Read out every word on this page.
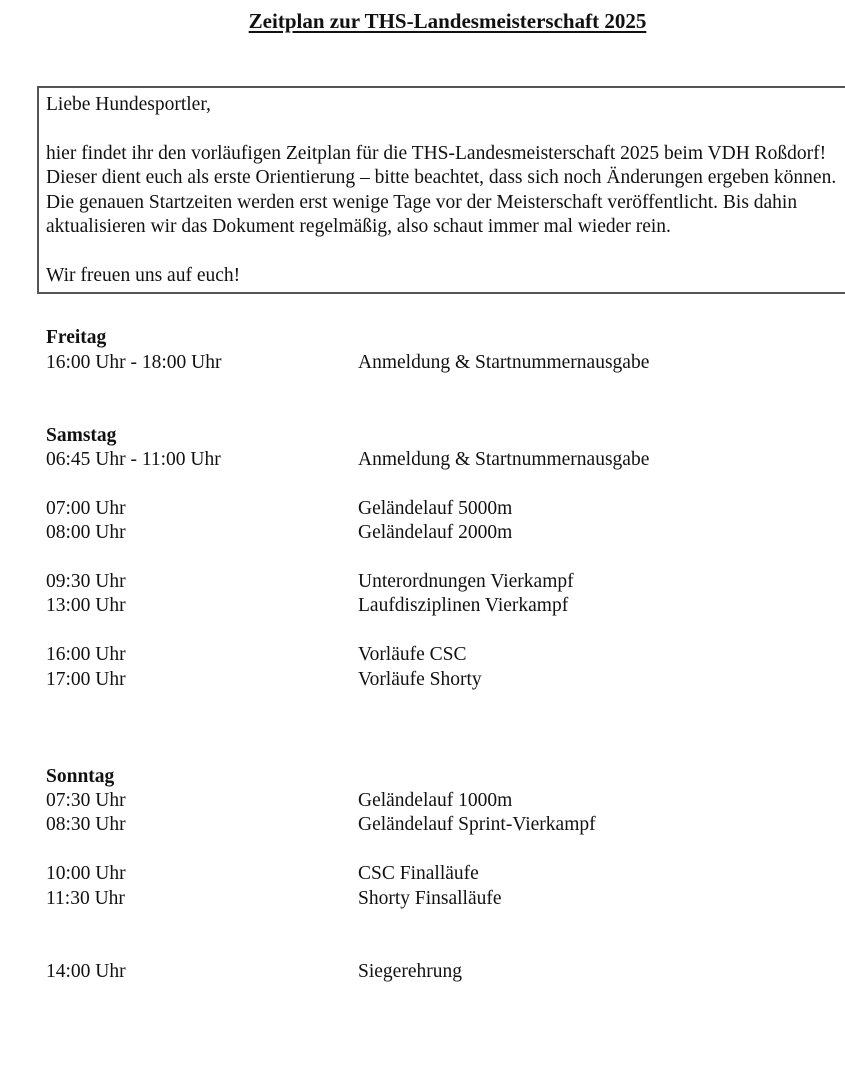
Zeitplan zur THS-Landesmeisterschaft 2025

Liebe Hundesportler,

hier findet ihr den vorläufigen Zeitplan für die THS-Landesmeisterschaft 2025 beim VDH Roßdorf! Dieser dient euch als erste Orientierung – bitte beachtet, dass sich noch Änderungen ergeben können. Die genauen Startzeiten werden erst wenige Tage vor der Meisterschaft veröffentlicht. Bis dahin aktualisieren wir das Dokument regelmäßig, also schaut immer mal wieder rein.

Wir freuen uns auf euch!

Freitag
16:00 Uhr - 18:00 Uhr	Anmeldung & Startnummernausgabe
Samstag
06:45 Uhr - 11:00 Uhr	Anmeldung & Startnummernausgabe
07:00 Uhr	Geländelauf 5000m
08:00 Uhr	Geländelauf 2000m
09:30 Uhr	Unterordnungen Vierkampf
13:00 Uhr	Laufdisziplinen Vierkampf
16:00 Uhr	Vorläufe CSC
17:00 Uhr	Vorläufe Shorty
Sonntag
07:30 Uhr	Geländelauf 1000m
08:30 Uhr	Geländelauf Sprint-Vierkampf
10:00 Uhr	CSC Finalläufe
11:30 Uhr	Shorty Finsalläufe
14:00 Uhr	Siegerehrung
